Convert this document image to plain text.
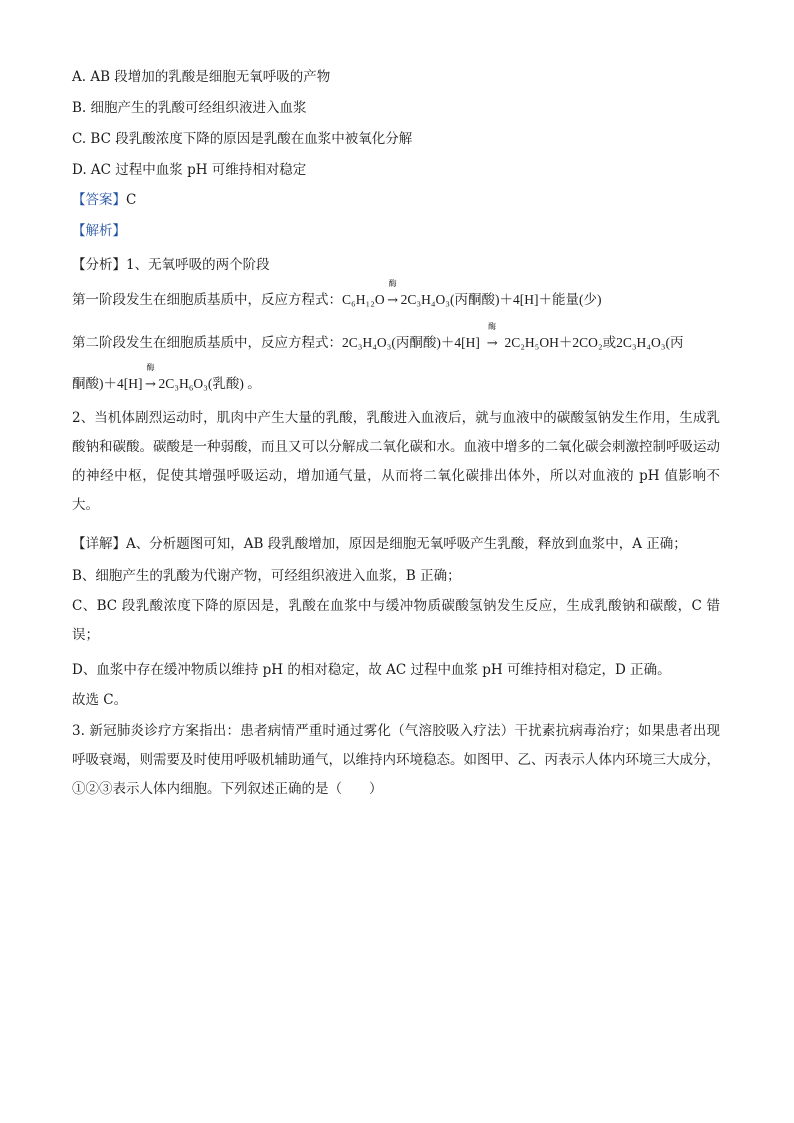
A. AB 段增加的乳酸是细胞无氧呼吸的产物
B. 细胞产生的乳酸可经组织液进入血浆
C. BC 段乳酸浓度下降的原因是乳酸在血浆中被氧化分解
D. AC 过程中血浆 pH 可维持相对稳定
【答案】C
【解析】
【分析】1、无氧呼吸的两个阶段
第一阶段发生在细胞质基质中，反应方程式：C₆H₁₂O
酶
→ 2C₃H₄O₃(丙酮酸)＋4[H]＋能量(少)
第二阶段发生在细胞质基质中，反应方程式：2C₃H₄O₃(丙酮酸)＋4[H]
酶
→ 2C₂H₅OH＋2CO₂或2C₃H₄O₃(丙
酮酸)＋4[H]
酶
→ 2C₃H₆O₃(乳酸) 。
2、当机体剧烈运动时，肌肉中产生大量的乳酸，乳酸进入血液后，就与血液中的碳酸氢钠发生作用，生成乳酸钠和碳酸。碳酸是一种弱酸，而且又可以分解成二氧化碳和水。血液中增多的二氧化碳会刺激控制呼吸运动的神经中枢，促使其增强呼吸运动，增加通气量，从而将二氧化碳排出体外，所以对血液的 pH 值影响不大。
【详解】A、分析题图可知，AB 段乳酸增加，原因是细胞无氧呼吸产生乳酸，释放到血浆中，A 正确；
B、细胞产生的乳酸为代谢产物，可经组织液进入血浆，B 正确；
C、BC 段乳酸浓度下降的原因是，乳酸在血浆中与缓冲物质碳酸氢钠发生反应，生成乳酸钠和碳酸，C 错误；
D、血浆中存在缓冲物质以维持 pH 的相对稳定，故 AC 过程中血浆 pH 可维持相对稳定，D 正确。
故选 C。
3. 新冠肺炎诊疗方案指出：患者病情严重时通过雾化（气溶胶吸入疗法）干扰素抗病毒治疗；如果患者出现呼吸衰竭，则需要及时使用呼吸机辅助通气，以维持内环境稳态。如图甲、乙、丙表示人体内环境三大成分，①②③表示人体内细胞。下列叙述正确的是（　　）
